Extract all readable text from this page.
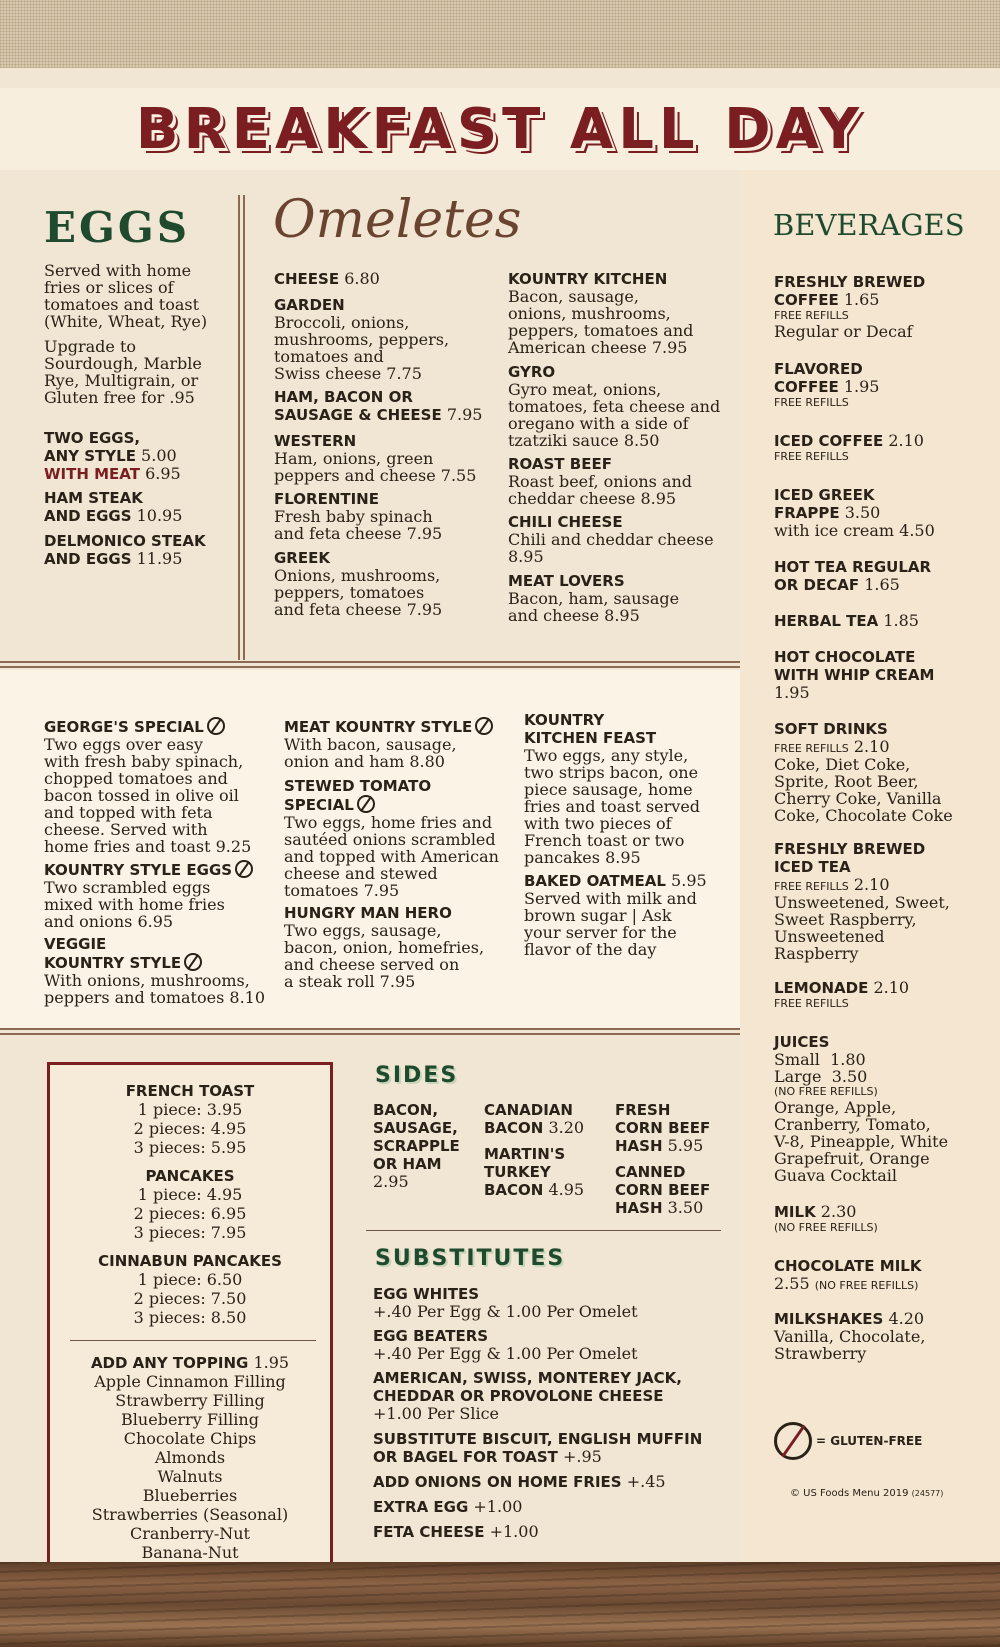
BREAKFAST ALL DAY
EGGS
Served with home
fries or slices of
tomatoes and toast
(White, Wheat, Rye)
Upgrade to
Sourdough, Marble
Rye, Multigrain, or
Gluten free for .95
TWO EGGS,
ANY STYLE 5.00
WITH MEAT 6.95
HAM STEAK
AND EGGS 10.95
DELMONICO STEAK
AND EGGS 11.95
Omeletes
CHEESE 6.80
GARDEN
Broccoli, onions,
mushrooms, peppers,
tomatoes and
Swiss cheese 7.75
HAM, BACON OR
SAUSAGE & CHEESE 7.95
WESTERN
Ham, onions, green
peppers and cheese 7.55
FLORENTINE
Fresh baby spinach
and feta cheese 7.95
GREEK
Onions, mushrooms,
peppers, tomatoes
and feta cheese 7.95
KOUNTRY KITCHEN
Bacon, sausage,
onions, mushrooms,
peppers, tomatoes and
American cheese 7.95
GYRO
Gyro meat, onions,
tomatoes, feta cheese and
oregano with a side of
tzatziki sauce 8.50
ROAST BEEF
Roast beef, onions and
cheddar cheese 8.95
CHILI CHEESE
Chili and cheddar cheese
8.95
MEAT LOVERS
Bacon, ham, sausage
and cheese 8.95
GEORGE'S SPECIAL
Two eggs over easy
with fresh baby spinach,
chopped tomatoes and
bacon tossed in olive oil
and topped with feta
cheese. Served with
home fries and toast 9.25
KOUNTRY STYLE EGGS
Two scrambled eggs
mixed with home fries
and onions 6.95
VEGGIE
KOUNTRY STYLE
With onions, mushrooms,
peppers and tomatoes 8.10
MEAT KOUNTRY STYLE
With bacon, sausage,
onion and ham 8.80
STEWED TOMATO
SPECIAL
Two eggs, home fries and
sautéed onions scrambled
and topped with American
cheese and stewed
tomatoes 7.95
HUNGRY MAN HERO
Two eggs, sausage,
bacon, onion, homefries,
and cheese served on
a steak roll 7.95
KOUNTRY
KITCHEN FEAST
Two eggs, any style,
two strips bacon, one
piece sausage, home
fries and toast served
with two pieces of
French toast or two
pancakes 8.95
BAKED OATMEAL 5.95
Served with milk and
brown sugar | Ask
your server for the
flavor of the day
FRENCH TOAST
1 piece: 3.95
2 pieces: 4.95
3 pieces: 5.95
PANCAKES
1 piece: 4.95
2 pieces: 6.95
3 pieces: 7.95
CINNABUN PANCAKES
1 piece: 6.50
2 pieces: 7.50
3 pieces: 8.50
ADD ANY TOPPING 1.95
Apple Cinnamon Filling
Strawberry Filling
Blueberry Filling
Chocolate Chips
Almonds
Walnuts
Blueberries
Strawberries (Seasonal)
Cranberry-Nut
Banana-Nut
SIDES
BACON,
SAUSAGE,
SCRAPPLE
OR HAM
2.95
CANADIAN
BACON 3.20
MARTIN'S
TURKEY
BACON 4.95
FRESH
CORN BEEF
HASH 5.95
CANNED
CORN BEEF
HASH 3.50
SUBSTITUTES
EGG WHITES
+.40 Per Egg & 1.00 Per Omelet
EGG BEATERS
+.40 Per Egg & 1.00 Per Omelet
AMERICAN, SWISS, MONTEREY JACK,
CHEDDAR OR PROVOLONE CHEESE
+1.00 Per Slice
SUBSTITUTE BISCUIT, ENGLISH MUFFIN
OR BAGEL FOR TOAST +.95
ADD ONIONS ON HOME FRIES +.45
EXTRA EGG +1.00
FETA CHEESE +1.00
BEVERAGES
FRESHLY BREWED
COFFEE 1.65
FREE REFILLS
Regular or Decaf
FLAVORED
COFFEE 1.95
FREE REFILLS
ICED COFFEE 2.10
FREE REFILLS
ICED GREEK
FRAPPE 3.50
with ice cream 4.50
HOT TEA REGULAR
OR DECAF 1.65
HERBAL TEA 1.85
HOT CHOCOLATE
WITH WHIP CREAM
1.95
SOFT DRINKS
FREE REFILLS 2.10
Coke, Diet Coke,
Sprite, Root Beer,
Cherry Coke, Vanilla
Coke, Chocolate Coke
FRESHLY BREWED
ICED TEA
FREE REFILLS 2.10
Unsweetened, Sweet,
Sweet Raspberry,
Unsweetened
Raspberry
LEMONADE 2.10
FREE REFILLS
JUICES
Small 1.80
Large 3.50
(NO FREE REFILLS)
Orange, Apple,
Cranberry, Tomato,
V-8, Pineapple, White
Grapefruit, Orange
Guava Cocktail
MILK 2.30
(NO FREE REFILLS)
CHOCOLATE MILK
2.55 (NO FREE REFILLS)
MILKSHAKES 4.20
Vanilla, Chocolate,
Strawberry
= GLUTEN-FREE
© US Foods Menu 2019 (24577)
